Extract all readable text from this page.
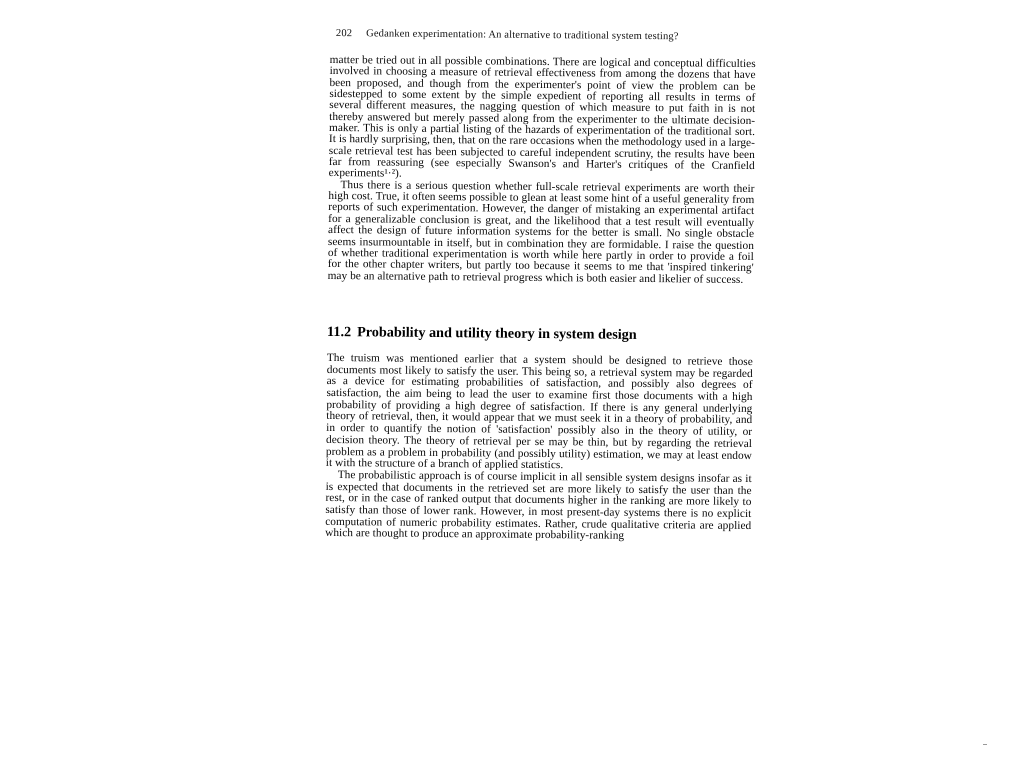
202 Gedanken experimentation: An alternative to traditional system testing?

matter be tried out in all possible combinations. There are logical and conceptual difficulties involved in choosing a measure of retrieval effectiveness from among the dozens that have been proposed, and though from the experimenter's point of view the problem can be sidestepped to some extent by the simple expedient of reporting all results in terms of several different measures, the nagging question of which measure to put faith in is not thereby answered but merely passed along from the experimenter to the ultimate decision-maker. This is only a partial listing of the hazards of experimentation of the traditional sort. It is hardly surprising, then, that on the rare occasions when the methodology used in a large-scale retrieval test has been subjected to careful independent scrutiny, the results have been far from reassuring (see especially Swanson's and Harter's critiques of the Cranfield experiments¹·²).

Thus there is a serious question whether full-scale retrieval experiments are worth their high cost. True, it often seems possible to glean at least some hint of a useful generality from reports of such experimentation. However, the danger of mistaking an experimental artifact for a generalizable conclusion is great, and the likelihood that a test result will eventually affect the design of future information systems for the better is small. No single obstacle seems insurmountable in itself, but in combination they are formidable. I raise the question of whether traditional experimentation is worth while here partly in order to provide a foil for the other chapter writers, but partly too because it seems to me that 'inspired tinkering' may be an alternative path to retrieval progress which is both easier and likelier of success.

11.2 Probability and utility theory in system design

The truism was mentioned earlier that a system should be designed to retrieve those documents most likely to satisfy the user. This being so, a retrieval system may be regarded as a device for estimating probabilities of satisfaction, and possibly also degrees of satisfaction, the aim being to lead the user to examine first those documents with a high probability of providing a high degree of satisfaction. If there is any general underlying theory of retrieval, then, it would appear that we must seek it in a theory of probability, and in order to quantify the notion of 'satisfaction' possibly also in the theory of utility, or decision theory. The theory of retrieval per se may be thin, but by regarding the retrieval problem as a problem in probability (and possibly utility) estimation, we may at least endow it with the structure of a branch of applied statistics.

The probabilistic approach is of course implicit in all sensible system designs insofar as it is expected that documents in the retrieved set are more likely to satisfy the user than the rest, or in the case of ranked output that documents higher in the ranking are more likely to satisfy than those of lower rank. However, in most present-day systems there is no explicit computation of numeric probability estimates. Rather, crude qualitative criteria are applied which are thought to produce an approximate probability-ranking
